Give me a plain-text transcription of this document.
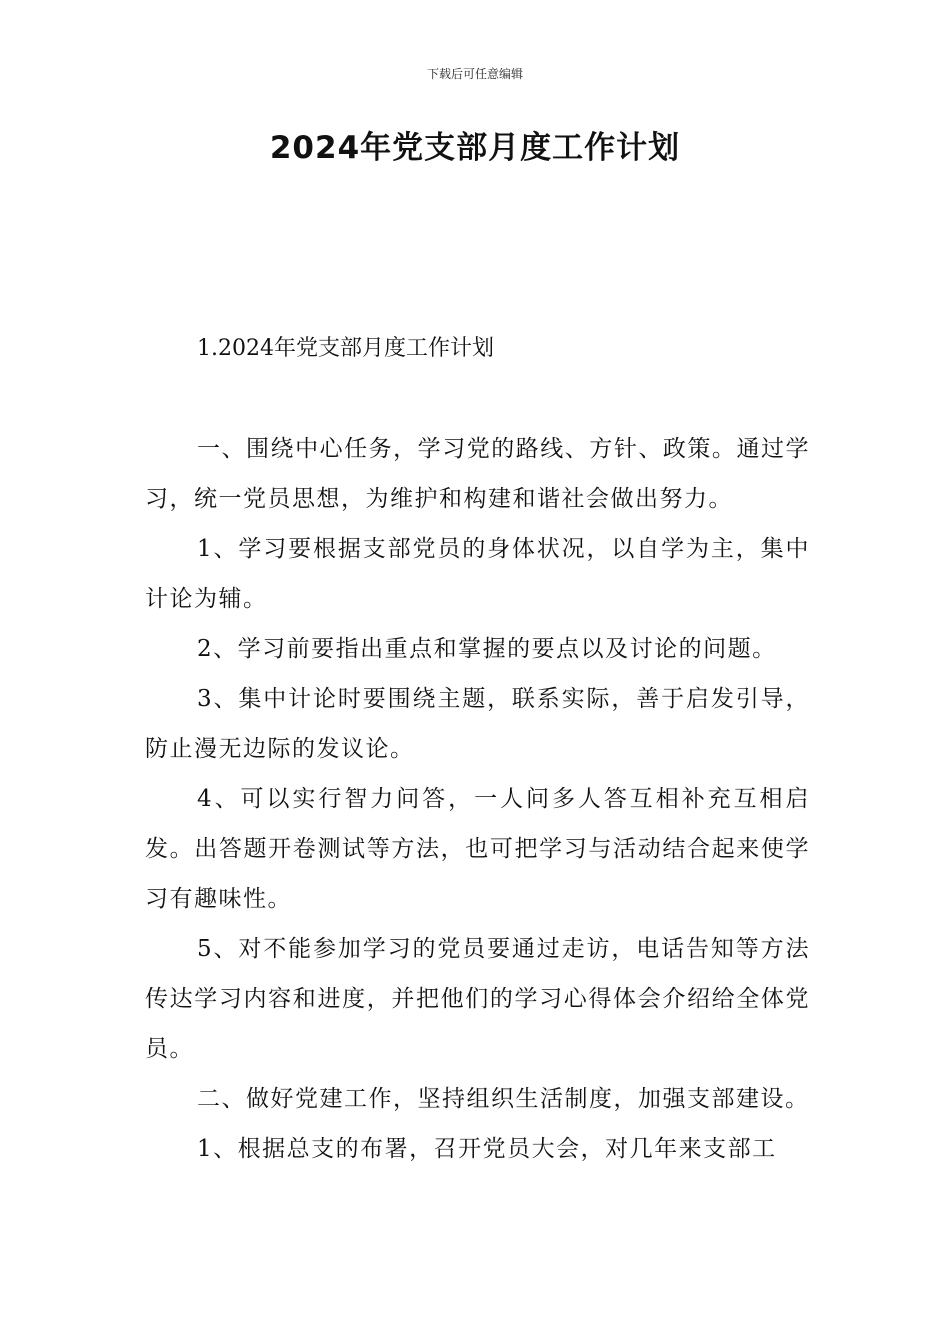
下载后可任意编辑
2024年党支部月度工作计划
1.2024年党支部月度工作计划

一、围绕中心任务，学习党的路线、方针、政策。通过学习，统一党员思想，为维护和构建和谐社会做出努力。

1、学习要根据支部党员的身体状况，以自学为主，集中计论为辅。

2、学习前要指出重点和掌握的要点以及讨论的问题。

3、集中计论时要围绕主题，联系实际，善于启发引导，防止漫无边际的发议论。

4、可以实行智力问答，一人问多人答互相补充互相启发。出答题开卷测试等方法，也可把学习与活动结合起来使学习有趣味性。

5、对不能参加学习的党员要通过走访，电话告知等方法传达学习内容和进度，并把他们的学习心得体会介绍给全体党员。

二、做好党建工作，坚持组织生活制度，加强支部建设。

1、根据总支的布署，召开党员大会，对几年来支部工
